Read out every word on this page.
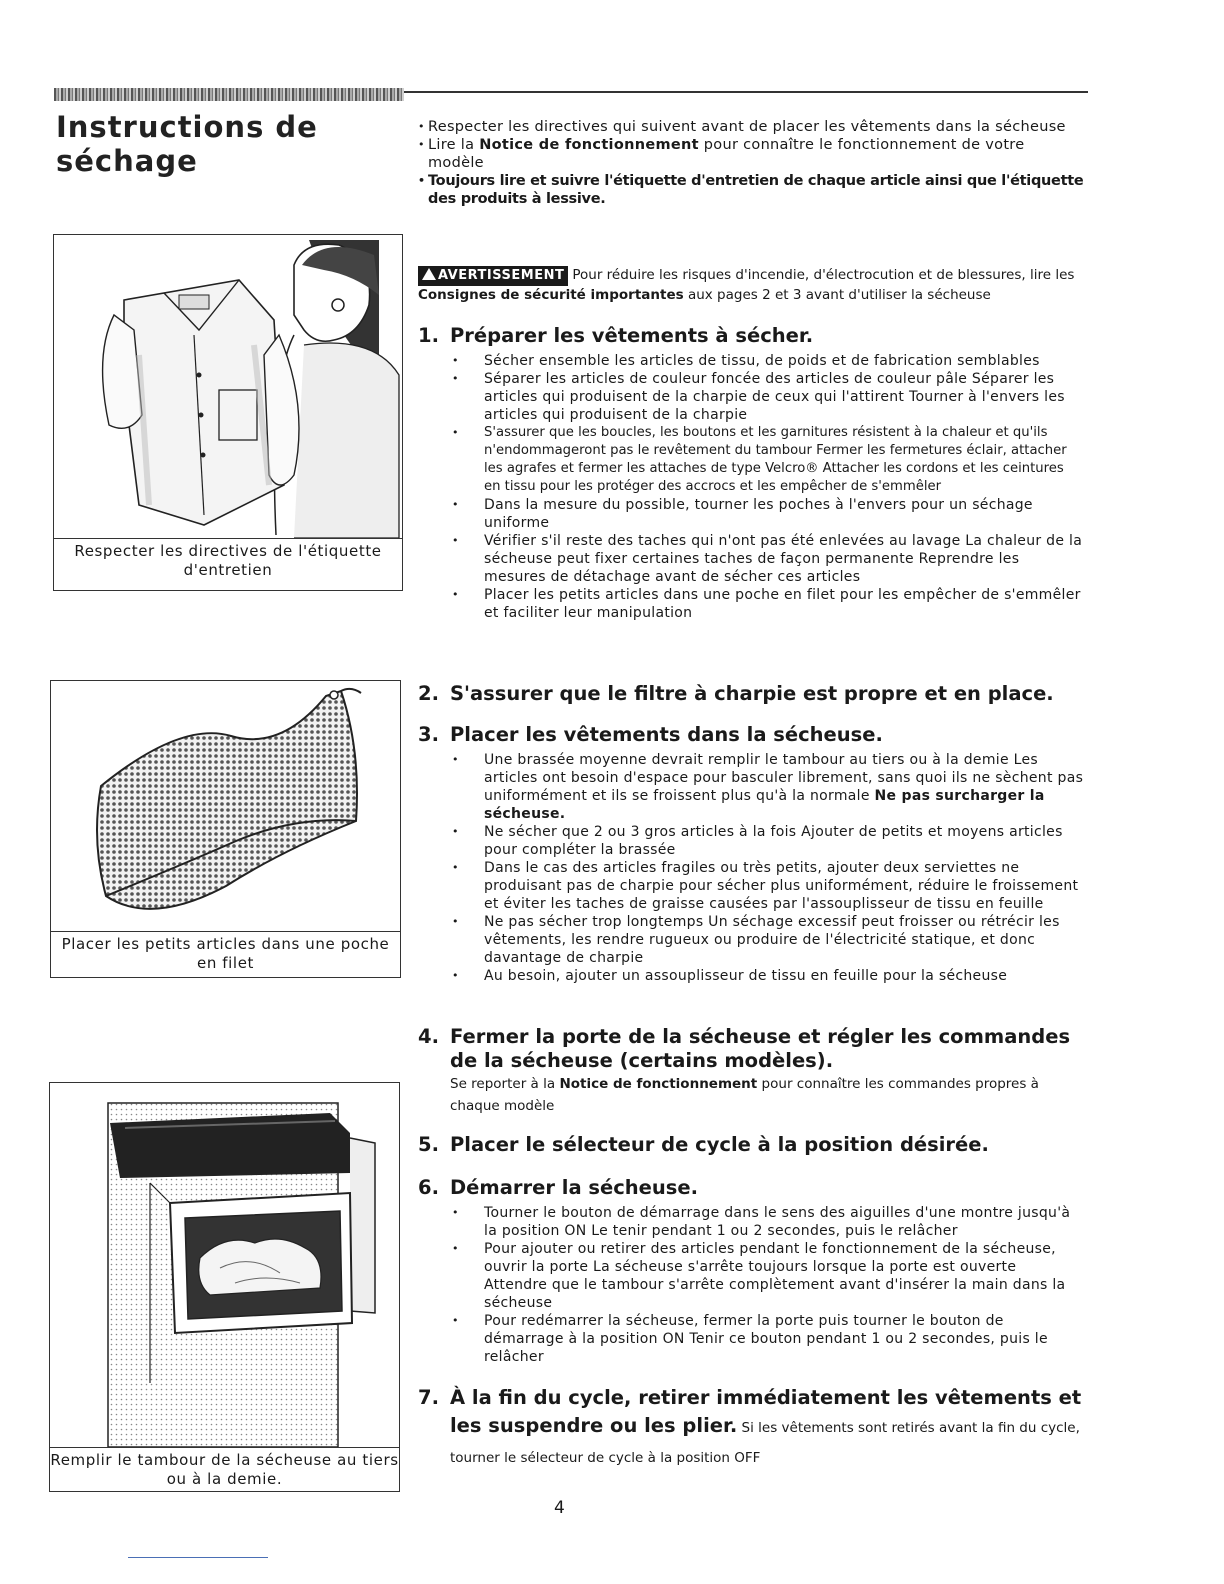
Instructions de séchage
• Respecter les directives qui suivent avant de placer les vêtements dans la sécheuse
• Lire la Notice de fonctionnement pour connaître le fonctionnement de votre modèle
• Toujours lire et suivre l'étiquette d'entretien de chaque article ainsi que l'étiquette des produits à lessive.
Respecter les directives de l'étiquette d'entretien
Placer les petits articles dans une poche en filet
Remplir le tambour de la sécheuse au tiers ou à la demie.
AVERTISSEMENT Pour réduire les risques d'incendie, d'électrocution et de blessures, lire les Consignes de sécurité importantes aux pages 2 et 3 avant d'utiliser la sécheuse
1. Préparer les vêtements à sécher.
• Sécher ensemble les articles de tissu, de poids et de fabrication semblables
• Séparer les articles de couleur foncée des articles de couleur pâle Séparer les articles qui produisent de la charpie de ceux qui l'attirent Tourner à l'envers les articles qui produisent de la charpie
• S'assurer que les boucles, les boutons et les garnitures résistent à la chaleur et qu'ils n'endommageront pas le revêtement du tambour Fermer les fermetures éclair, attacher les agrafes et fermer les attaches de type Velcro® Attacher les cordons et les ceintures en tissu pour les protéger des accrocs et les empêcher de s'emmêler
• Dans la mesure du possible, tourner les poches à l'envers pour un séchage uniforme
• Vérifier s'il reste des taches qui n'ont pas été enlevées au lavage La chaleur de la sécheuse peut fixer certaines taches de façon permanente Reprendre les mesures de détachage avant de sécher ces articles
• Placer les petits articles dans une poche en filet pour les empêcher de s'emmêler et faciliter leur manipulation
2. S'assurer que le filtre à charpie est propre et en place.
3. Placer les vêtements dans la sécheuse.
• Une brassée moyenne devrait remplir le tambour au tiers ou à la demie Les articles ont besoin d'espace pour basculer librement, sans quoi ils ne sèchent pas uniformément et ils se froissent plus qu'à la normale Ne pas surcharger la sécheuse.
• Ne sécher que 2 ou 3 gros articles à la fois Ajouter de petits et moyens articles pour compléter la brassée
• Dans le cas des articles fragiles ou très petits, ajouter deux serviettes ne produisant pas de charpie pour sécher plus uniformément, réduire le froissement et éviter les taches de graisse causées par l'assouplisseur de tissu en feuille
• Ne pas sécher trop longtemps Un séchage excessif peut froisser ou rétrécir les vêtements, les rendre rugueux ou produire de l'électricité statique, et donc davantage de charpie
• Au besoin, ajouter un assouplisseur de tissu en feuille pour la sécheuse
4. Fermer la porte de la sécheuse et régler les commandes de la sécheuse (certains modèles).
Se reporter à la Notice de fonctionnement pour connaître les commandes propres à chaque modèle
5. Placer le sélecteur de cycle à la position désirée.
6. Démarrer la sécheuse.
• Tourner le bouton de démarrage dans le sens des aiguilles d'une montre jusqu'à la position ON Le tenir pendant 1 ou 2 secondes, puis le relâcher
• Pour ajouter ou retirer des articles pendant le fonctionnement de la sécheuse, ouvrir la porte La sécheuse s'arrête toujours lorsque la porte est ouverte Attendre que le tambour s'arrête complètement avant d'insérer la main dans la sécheuse
• Pour redémarrer la sécheuse, fermer la porte puis tourner le bouton de démarrage à la position ON Tenir ce bouton pendant 1 ou 2 secondes, puis le relâcher
7. À la fin du cycle, retirer immédiatement les vêtements et les suspendre ou les plier. Si les vêtements sont retirés avant la fin du cycle, tourner le sélecteur de cycle à la position OFF
4
